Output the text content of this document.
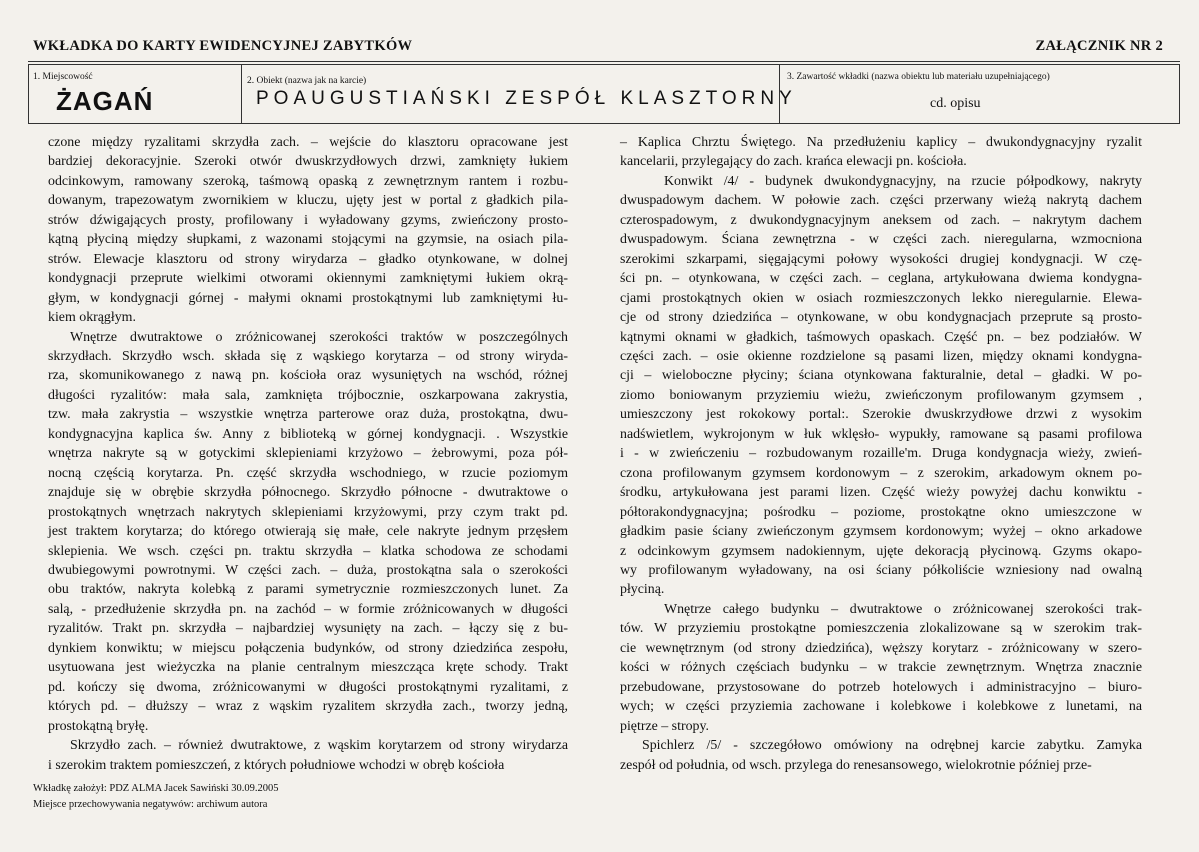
WKŁADKA DO KARTY EWIDENCYJNEJ ZABYTKÓW	ZAŁĄCZNIK NR 2
1. Miejscowość
ŻAGAŃ
2. Obiekt (nazwa jak na karcie)
POAUGUSTIAŃSKI ZESPÓŁ KLASZTORNY
3. Zawartość wkładki (nazwa obiektu lub materiału uzupełniającego)
cd. opisu
czone między ryzalitami skrzydła zach. – wejście do klasztoru opracowane jest
bardziej dekoracyjnie. Szeroki otwór dwuskrzydłowych drzwi, zamknięty łukiem
odcinkowym, ramowany szeroką, taśmową opaską z zewnętrznym rantem i rozbu-
dowanym, trapezowatym zwornikiem w kluczu, ujęty jest w portal z gładkich pila-
strów dźwigających prosty, profilowany i wyładowany gzyms, zwieńczony prosto-
kątną płyciną między słupkami, z wazonami stojącymi na gzymsie, na osiach pila-
strów. Elewacje klasztoru od strony wirydarza – gładko otynkowane, w dolnej
kondygnacji przeprute wielkimi otworami okiennymi zamkniętymi łukiem okrą-
głym, w kondygnacji górnej - małymi oknami prostokątnymi lub zamkniętymi łu-
kiem okrągłym.
Wnętrze dwutraktowe o zróżnicowanej szerokości traktów w poszczególnych
skrzydłach. Skrzydło wsch. składa się z wąskiego korytarza – od strony wiryda-
rza, skomunikowanego z nawą pn. kościoła oraz wysuniętych na wschód, różnej
długości ryzalitów: mała sala, zamknięta trójbocznie, oszkarpowana zakrystia,
tzw. mała zakrystia – wszystkie wnętrza parterowe oraz duża, prostokątna, dwu-
kondygnacyjna kaplica św. Anny z biblioteką w górnej kondygnacji. . Wszystkie
wnętrza nakryte są w gotyckimi sklepieniami krzyżowo – żebrowymi, poza pół-
nocną częścią korytarza. Pn. część skrzydła wschodniego, w rzucie poziomym
znajduje się w obrębie skrzydła północnego. Skrzydło północne - dwutraktowe o
prostokątnych wnętrzach nakrytych sklepieniami krzyżowymi, przy czym trakt pd.
jest traktem korytarza; do którego otwierają się małe, cele nakryte jednym przęsłem
sklepienia. We wsch. części pn. traktu skrzydła – klatka schodowa ze schodami
dwubiegowymi powrotnymi. W części zach. – duża, prostokątna sala o szerokości
obu traktów, nakryta kolebką z parami symetrycznie rozmieszczonych lunet. Za
salą, - przedłużenie skrzydła pn. na zachód – w formie zróżnicowanych w długości
ryzalitów. Trakt pn. skrzydła – najbardziej wysunięty na zach. – łączy się z bu-
dynkiem konwiktu; w miejscu połączenia budynków, od strony dziedzińca zespołu,
usytuowana jest wieżyczka na planie centralnym mieszcząca kręte schody. Trakt
pd. kończy się dwoma, zróżnicowanymi w długości prostokątnymi ryzalitami, z
których pd. – dłuższy – wraz z wąskim ryzalitem skrzydła zach., tworzy jedną,
prostokątną bryłę.
Skrzydło zach. – również dwutraktowe, z wąskim korytarzem od strony wirydarza
i szerokim traktem pomieszczeń, z których południowe wchodzi w obręb kościoła
– Kaplica Chrztu Świętego. Na przedłużeniu kaplicy – dwukondygnacyjny ryzalit
kancelarii, przylegający do zach. krańca elewacji pn. kościoła.
Konwikt /4/ - budynek dwukondygnacyjny, na rzucie półpodkowy, nakryty
dwuspadowym dachem. W połowie zach. części przerwany wieżą nakrytą dachem
czterospadowym, z dwukondygnacyjnym aneksem od zach. – nakrytym dachem
dwuspadowym. Ściana zewnętrzna - w części zach. nieregularna, wzmocniona
szerokimi szkarpami, sięgającymi połowy wysokości drugiej kondygnacji. W czę-
ści pn. – otynkowana, w części zach. – ceglana, artykułowana dwiema kondygna-
cjami prostokątnych okien w osiach rozmieszczonych lekko nieregularnie. Elewa-
cje od strony dziedzińca – otynkowane, w obu kondygnacjach przeprute są prosto-
kątnymi oknami w gładkich, taśmowych opaskach. Część pn. – bez podziałów. W
części zach. – osie okienne rozdzielone są pasami lizen, między oknami kondygna-
cji – wieloboczne płyciny; ściana otynkowana fakturalnie, detal – gładki. W po-
ziomo boniowanym przyziemiu wieżu, zwieńczonym profilowanym gzymsem ,
umieszczony jest rokokowy portal:. Szerokie dwuskrzydłowe drzwi z wysokim
nadświetlem, wykrojonym w łuk wklęsło- wypukły, ramowane są pasami profilowa
i - w zwieńczeniu – rozbudowanym rozaille'm. Druga kondygnacja wieży, zwień-
czona profilowanym gzymsem kordonowym – z szerokim, arkadowym oknem po-
środku, artykułowana jest parami lizen. Część wieży powyżej dachu konwiktu -
półtorakondygnacyjna; pośrodku – poziome, prostokątne okno umieszczone w
gładkim pasie ściany zwieńczonym gzymsem kordonowym; wyżej – okno arkadowe
z odcinkowym gzymsem nadokiennym, ujęte dekoracją płycinową. Gzyms okapo-
wy profilowanym wyładowany, na osi ściany półkoliście wzniesiony nad owalną
płyciną.
Wnętrze całego budynku – dwutraktowe o zróżnicowanej szerokości trak-
tów. W przyziemiu prostokątne pomieszczenia zlokalizowane są w szerokim trak-
cie wewnętrznym (od strony dziedzińca), węższy korytarz - zróżnicowany w szero-
kości w różnych częściach budynku – w trakcie zewnętrznym. Wnętrza znacznie
przebudowane, przystosowane do potrzeb hotelowych i administracyjno – biuro-
wych; w części przyziemia zachowane i kolebkowe i kolebkowe z lunetami, na
piętrze – stropy.
Spichlerz /5/ - szczegółowo omówiony na odrębnej karcie zabytku. Zamyka
zespół od południa, od wsch. przylega do renesansowego, wielokrotnie później prze-
Wkładkę założył: PDZ ALMA Jacek Sawiński 30.09.2005
Miejsce przechowywania negatywów: archiwum autora
